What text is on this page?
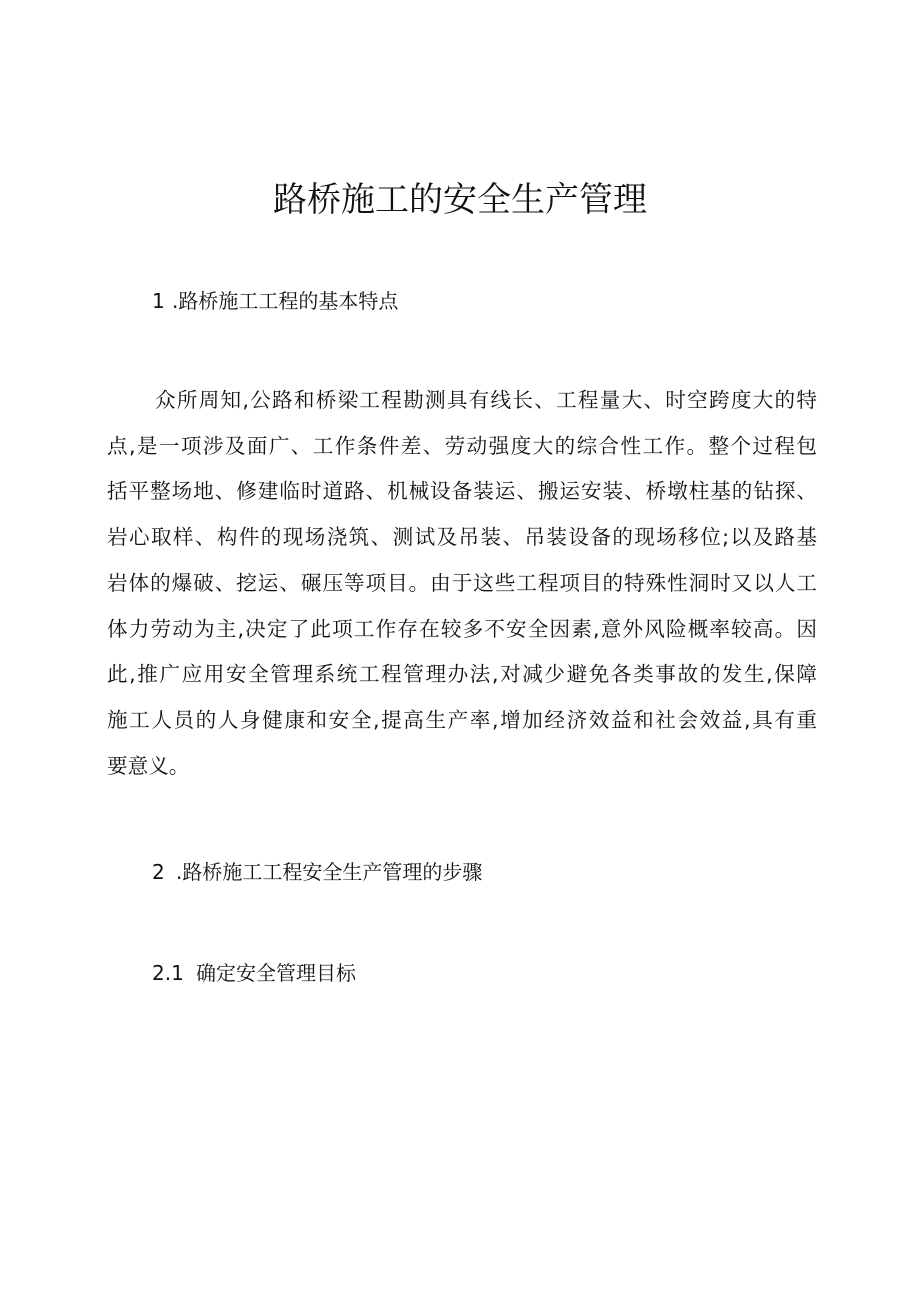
路桥施工的安全生产管理
1 .路桥施工工程的基本特点
众所周知,公路和桥梁工程勘测具有线长、工程量大、时空跨度大的特
点,是一项涉及面广、工作条件差、劳动强度大的综合性工作。整个过程包
括平整场地、修建临时道路、机械设备装运、搬运安装、桥墩柱基的钻探、
岩心取样、构件的现场浇筑、测试及吊装、吊装设备的现场移位;以及路基
岩体的爆破、挖运、碾压等项目。由于这些工程项目的特殊性洞时又以人工
体力劳动为主,决定了此项工作存在较多不安全因素,意外风险概率较高。因
此,推广应用安全管理系统工程管理办法,对减少避免各类事故的发生,保障
施工人员的人身健康和安全,提高生产率,增加经济效益和社会效益,具有重
要意义。
2 .路桥施工工程安全生产管理的步骤
2.1 确定安全管理目标
